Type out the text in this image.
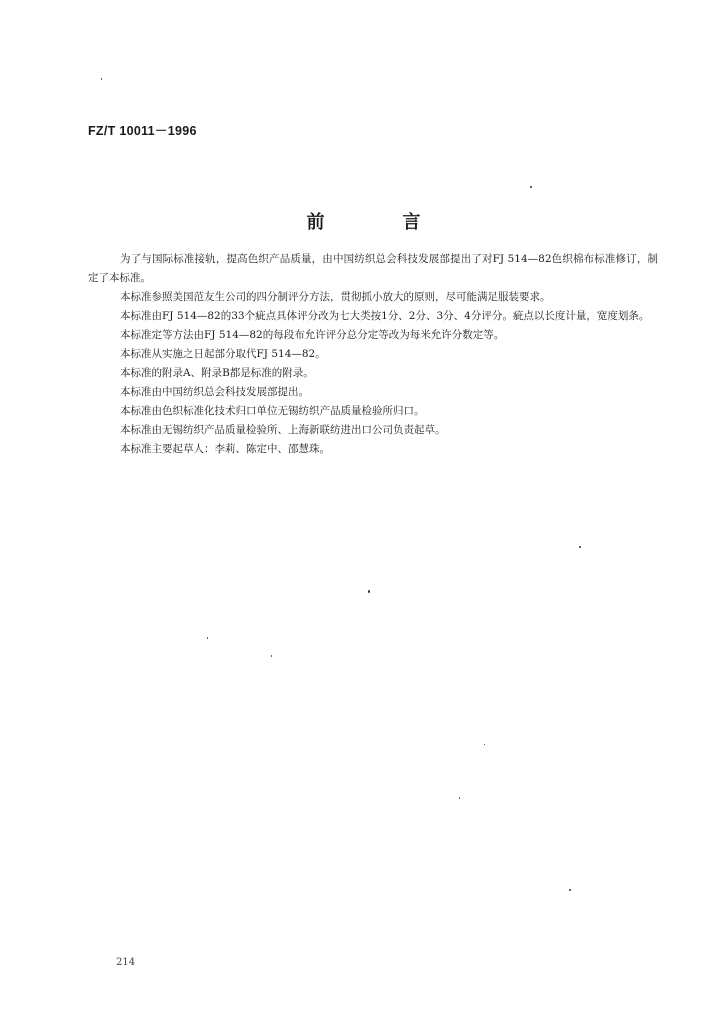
FZ/T 10011－1996
前　言

为了与国际标准接轨，提高色织产品质量，由中国纺织总会科技发展部提出了对FJ 514—82色织棉布标准修订，制定了本标准。

本标准参照美国范友生公司的四分制评分方法，贯彻抓小放大的原则，尽可能满足服装要求。

本标准由FJ 514—82的33个疵点具体评分改为七大类按1分、2分、3分、4分评分。疵点以长度计量，宽度划条。

本标准定等方法由FJ 514—82的每段布允许评分总分定等改为每米允许分数定等。

本标准从实施之日起部分取代FJ 514—82。

本标准的附录A、附录B都是标准的附录。

本标准由中国纺织总会科技发展部提出。

本标准由色织标准化技术归口单位无锡纺织产品质量检验所归口。

本标准由无锡纺织产品质量检验所、上海新联纺进出口公司负责起草。

本标准主要起草人：李莉、陈定中、邵慧珠。

214
